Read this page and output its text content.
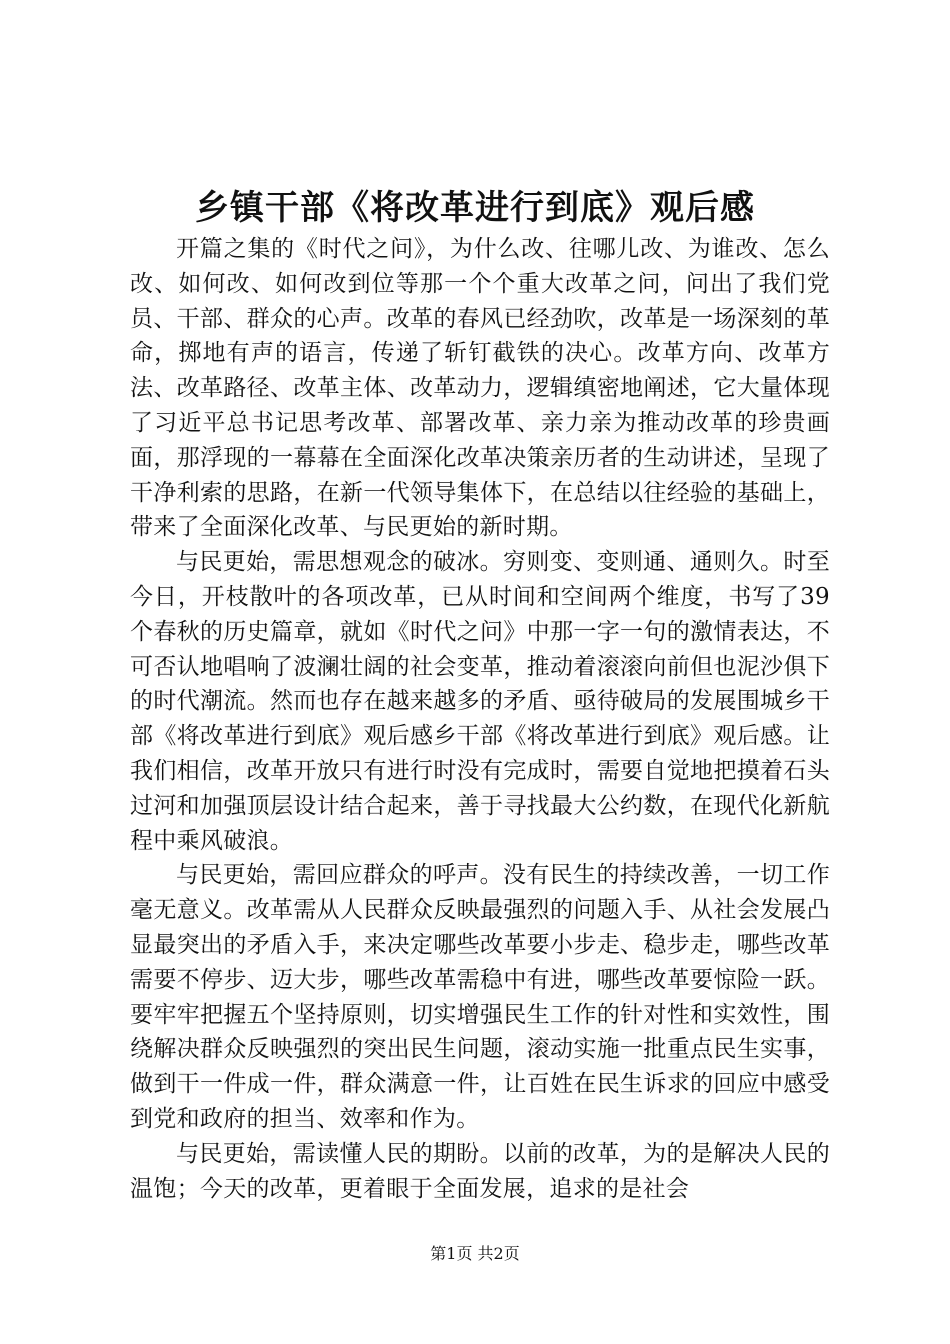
乡镇干部《将改革进行到底》观后感

开篇之集的《时代之问》，为什么改、往哪儿改、为谁改、怎么改、如何改、如何改到位等那一个个重大改革之问，问出了我们党员、干部、群众的心声。改革的春风已经劲吹，改革是一场深刻的革命，掷地有声的语言，传递了斩钉截铁的决心。改革方向、改革方法、改革路径、改革主体、改革动力，逻辑缜密地阐述，它大量体现了习近平总书记思考改革、部署改革、亲力亲为推动改革的珍贵画面，那浮现的一幕幕在全面深化改革决策亲历者的生动讲述，呈现了干净利索的思路，在新一代领导集体下，在总结以往经验的基础上，带来了全面深化改革、与民更始的新时期。

与民更始，需思想观念的破冰。穷则变、变则通、通则久。时至今日，开枝散叶的各项改革，已从时间和空间两个维度，书写了39个春秋的历史篇章，就如《时代之问》中那一字一句的激情表达，不可否认地唱响了波澜壮阔的社会变革，推动着滚滚向前但也泥沙俱下的时代潮流。然而也存在越来越多的矛盾、亟待破局的发展围城乡干部《将改革进行到底》观后感乡干部《将改革进行到底》观后感。让我们相信，改革开放只有进行时没有完成时，需要自觉地把摸着石头过河和加强顶层设计结合起来，善于寻找最大公约数，在现代化新航程中乘风破浪。

与民更始，需回应群众的呼声。没有民生的持续改善，一切工作毫无意义。改革需从人民群众反映最强烈的问题入手、从社会发展凸显最突出的矛盾入手，来决定哪些改革要小步走、稳步走，哪些改革需要不停步、迈大步，哪些改革需稳中有进，哪些改革要惊险一跃。要牢牢把握五个坚持原则，切实增强民生工作的针对性和实效性，围绕解决群众反映强烈的突出民生问题，滚动实施一批重点民生实事，做到干一件成一件，群众满意一件，让百姓在民生诉求的回应中感受到党和政府的担当、效率和作为。

与民更始，需读懂人民的期盼。以前的改革，为的是解决人民的温饱；今天的改革，更着眼于全面发展，追求的是社会

第1页 共2页
